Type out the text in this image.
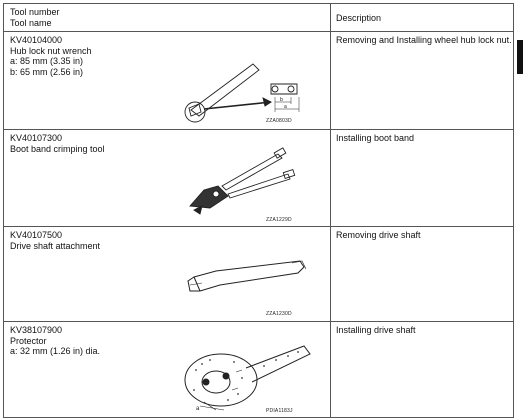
Tool number
Tool name	Description
KV40104000
Hub lock nut wrench
a: 85 mm (3.35 in)
b: 65 mm (2.56 in)
Removing and Installing wheel hub lock nut.
b
a
ZZA0803D
KV40107300
Boot band crimping tool
Installing boot band
ZZA1229D
KV40107500
Drive shaft attachment
Removing drive shaft
ZZA1230D
KV38107900
Protector
a: 32 mm (1.26 in) dia.
Installing drive shaft
a	PDIA1183J
